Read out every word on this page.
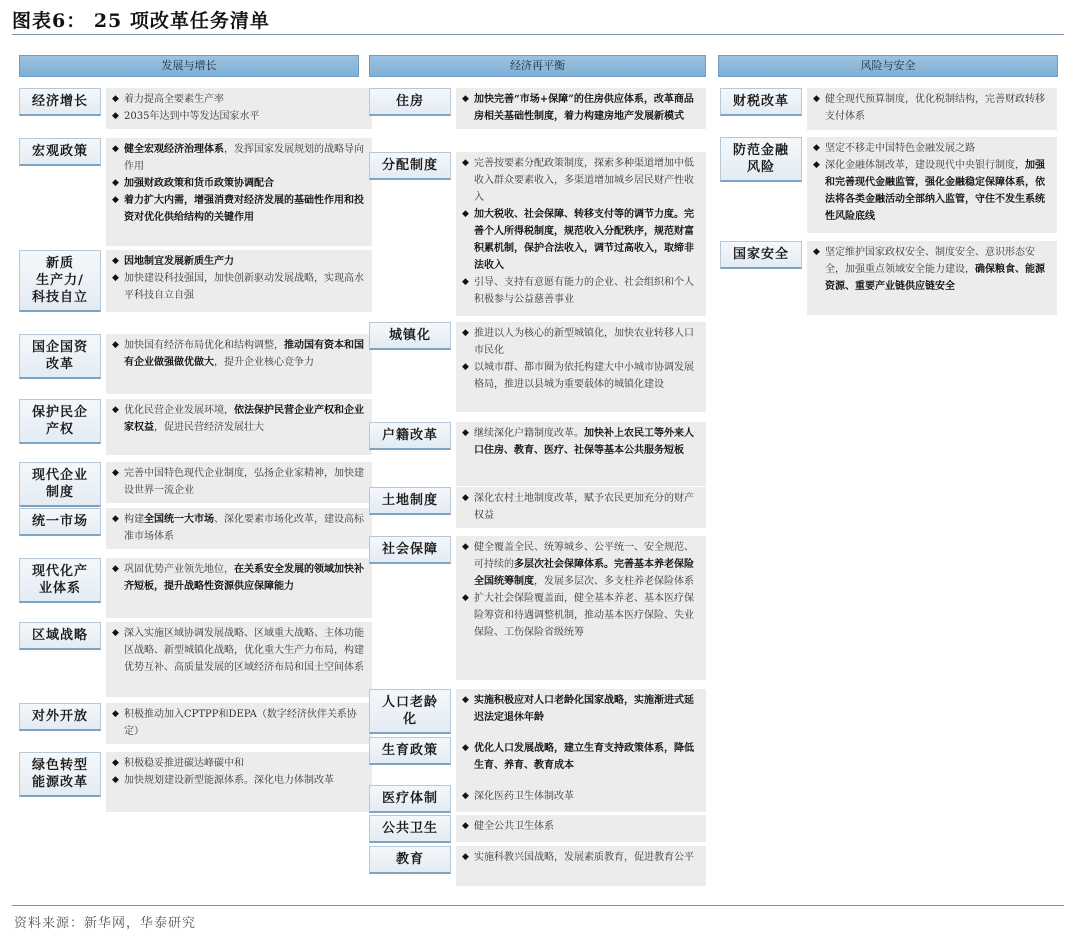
图表6： 25 项改革任务清单
发展与增长	经济再平衡	风险与安全
经济增长	◆ 着力提高全要素生产率
◆ 2035年达到中等发达国家水平
宏观政策	◆ 健全宏观经济治理体系，发挥国家发展规划的战略导向作用
◆ 加强财政政策和货币政策协调配合
◆ 着力扩大内需，增强消费对经济发展的基础性作用和投资对优化供给结构的关键作用
新质
生产力/
科技自立
◆ 因地制宜发展新质生产力
◆ 加快建设科技强国，加快创新驱动发展战略，实现高水平科技自立自强
国企国资
改革
◆ 加快国有经济布局优化和结构调整，推动国有资本和国有企业做强做优做大，提升企业核心竞争力
保护民企
产权
◆ 优化民营企业发展环境，依法保护民营企业产权和企业家权益，促进民营经济发展壮大
现代企业
制度
◆ 完善中国特色现代企业制度，弘扬企业家精神，加快建设世界一流企业
统一市场	◆ 构建全国统一大市场、深化要素市场化改革，建设高标准市场体系
现代化产
业体系
◆ 巩固优势产业领先地位，在关系安全发展的领域加快补齐短板，提升战略性资源供应保障能力
区域战略	◆ 深入实施区域协调发展战略、区域重大战略、主体功能区战略、新型城镇化战略，优化重大生产力布局，构建优势互补、高质量发展的区域经济布局和国土空间体系
对外开放	◆ 积极推动加入CPTPP和DEPA（数字经济伙伴关系协定）
绿色转型
能源改革
◆ 积极稳妥推进碳达峰碳中和
◆ 加快规划建设新型能源体系。深化电力体制改革
住房	◆ 加快完善“市场+保障”的住房供应体系，改革商品房相关基础性制度，着力构建房地产发展新模式
分配制度	◆ 完善按要素分配政策制度，探索多种渠道增加中低收入群众要素收入，多渠道增加城乡居民财产性收入
◆ 加大税收、社会保障、转移支付等的调节力度。完善个人所得税制度，规范收入分配秩序，规范财富积累机制，保护合法收入，调节过高收入，取缔非法收入
◆ 引导、支持有意愿有能力的企业、社会组织和个人积极参与公益慈善事业
城镇化	◆ 推进以人为核心的新型城镇化，加快农业转移人口市民化
◆ 以城市群、都市圈为依托构建大中小城市协调发展格局，推进以县城为重要载体的城镇化建设
户籍改革	◆ 继续深化户籍制度改革。加快补上农民工等外来人口住房、教育、医疗、社保等基本公共服务短板
土地制度	◆ 深化农村土地制度改革，赋予农民更加充分的财产权益
社会保障	◆ 健全覆盖全民、统筹城乡、公平统一、安全规范、可持续的多层次社会保障体系。完善基本养老保险全国统筹制度，发展多层次、多支柱养老保险体系
◆ 扩大社会保险覆盖面，健全基本养老、基本医疗保险筹资和待遇调整机制，推动基本医疗保险、失业保险、工伤保险省级统筹
人口老龄
化
◆ 实施积极应对人口老龄化国家战略，实施渐进式延迟法定退休年龄
生育政策	◆ 优化人口发展战略，建立生育支持政策体系，降低生育、养育、教育成本
医疗体制	◆ 深化医药卫生体制改革
公共卫生	◆ 健全公共卫生体系
教育	◆ 实施科教兴国战略，发展素质教育，促进教育公平
财税改革	◆ 健全现代预算制度，优化税制结构，完善财政转移支付体系
防范金融
风险
◆ 坚定不移走中国特色金融发展之路
◆ 深化金融体制改革，建设现代中央银行制度，加强和完善现代金融监管，强化金融稳定保障体系，依法将各类金融活动全部纳入监管，守住不发生系统性风险底线
国家安全	◆ 坚定维护国家政权安全、制度安全、意识形态安全，加强重点领域安全能力建设，确保粮食、能源资源、重要产业链供应链安全
资料来源：新华网，华泰研究
